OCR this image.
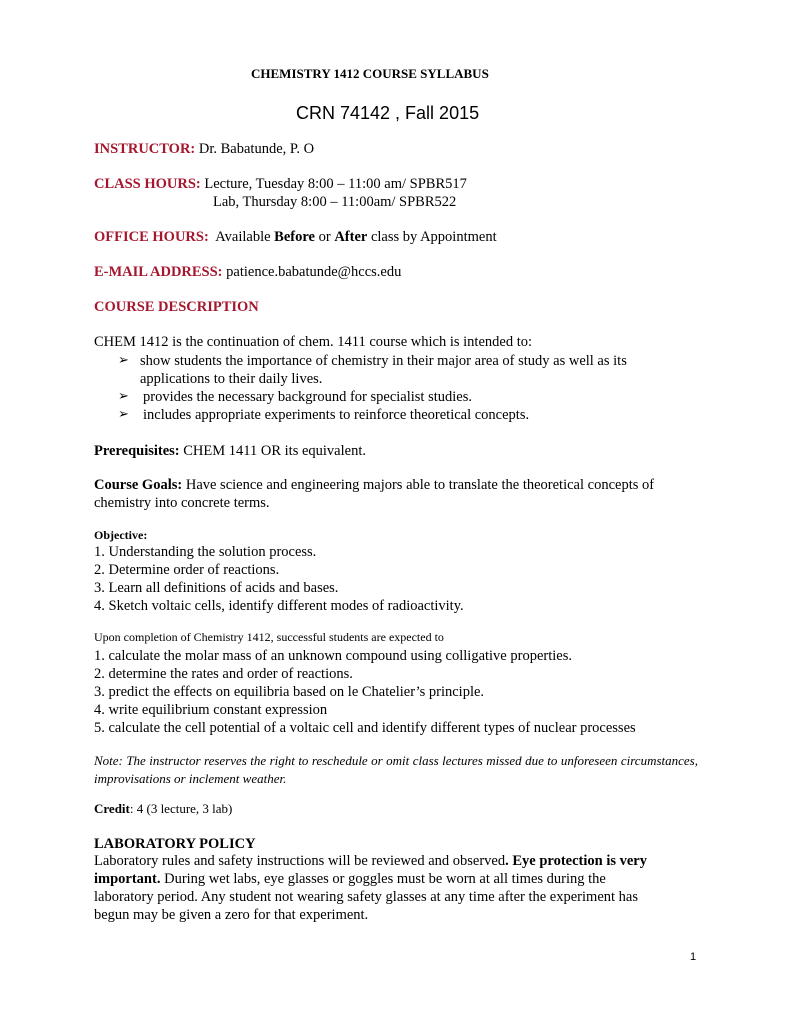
CHEMISTRY 1412 COURSE SYLLABUS

CRN 74142 , Fall 2015

INSTRUCTOR: Dr. Babatunde, P. O

CLASS HOURS: Lecture, Tuesday 8:00 – 11:00 am/ SPBR517

Lab, Thursday 8:00 – 11:00am/ SPBR522

OFFICE HOURS: Available Before or After class by Appointment

E-MAIL ADDRESS: patience.babatunde@hccs.edu

COURSE DESCRIPTION

CHEM 1412 is the continuation of chem. 1411 course which is intended to:

➢ show students the importance of chemistry in their major area of study as well as its

applications to their daily lives.

➢ provides the necessary background for specialist studies.

➢ includes appropriate experiments to reinforce theoretical concepts.

Prerequisites: CHEM 1411 OR its equivalent.

Course Goals: Have science and engineering majors able to translate the theoretical concepts of

chemistry into concrete terms.

Objective:

1. Understanding the solution process.

2. Determine order of reactions.

3. Learn all definitions of acids and bases.

4. Sketch voltaic cells, identify different modes of radioactivity.

Upon completion of Chemistry 1412, successful students are expected to

1. calculate the molar mass of an unknown compound using colligative properties.

2. determine the rates and order of reactions.

3. predict the effects on equilibria based on le Chatelier’s principle.

4. write equilibrium constant expression

5. calculate the cell potential of a voltaic cell and identify different types of nuclear processes

Note: The instructor reserves the right to reschedule or omit class lectures missed due to unforeseen circumstances, improvisations or inclement weather.

Credit: 4 (3 lecture, 3 lab)

LABORATORY POLICY

Laboratory rules and safety instructions will be reviewed and observed. Eye protection is very

important. During wet labs, eye glasses or goggles must be worn at all times during the

laboratory period. Any student not wearing safety glasses at any time after the experiment has

begun may be given a zero for that experiment.

1
